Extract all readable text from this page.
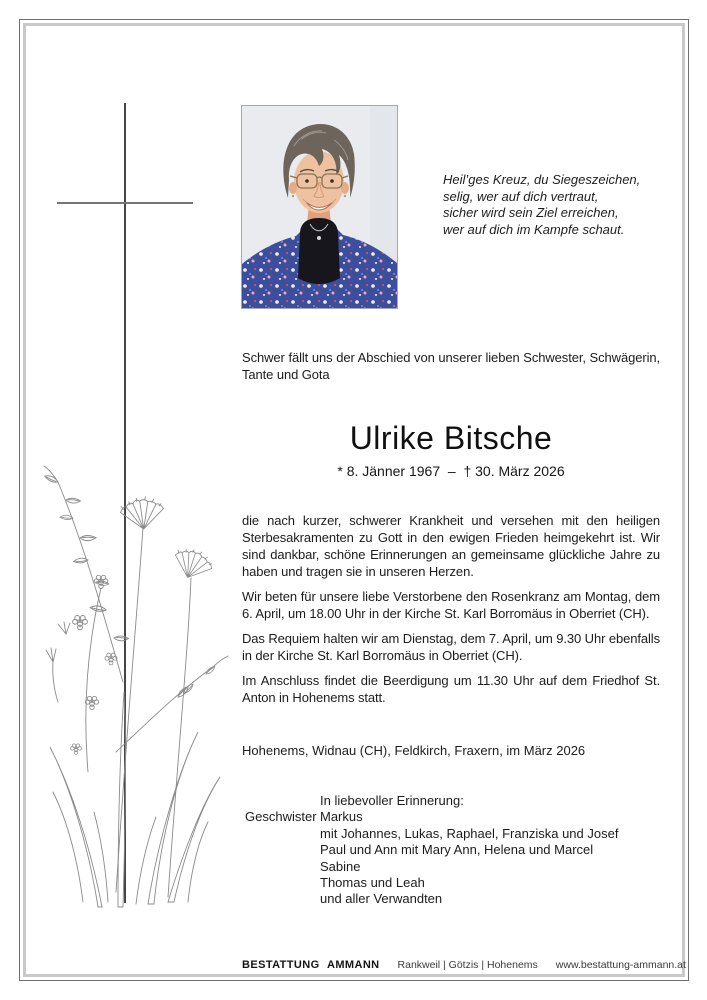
Heil’ges Kreuz, du Siegeszeichen,
selig, wer auf dich vertraut,
sicher wird sein Ziel erreichen,
wer auf dich im Kampfe schaut.
Schwer fällt uns der Abschied von unserer lieben Schwester, Schwägerin, Tante und Gota
Ulrike Bitsche
* 8. Jänner 1967  –  † 30. März 2026

die nach kurzer, schwerer Krankheit und versehen mit den heiligen Sterbesakramenten zu Gott in den ewigen Frieden heimgekehrt ist. Wir sind dankbar, schöne Erinnerungen an gemeinsame glückliche Jahre zu haben und tragen sie in unseren Herzen.

Wir beten für unsere liebe Verstorbene den Rosenkranz am Montag, dem 6. April, um 18.00 Uhr in der Kirche St. Karl Borromäus in Oberriet (CH).

Das Requiem halten wir am Dienstag, dem 7. April, um 9.30 Uhr ebenfalls in der Kirche St. Karl Borromäus in Oberriet (CH).

Im Anschluss findet die Beerdigung um 11.30 Uhr auf dem Friedhof St. Anton in Hohenems statt.

Hohenems, Widnau (CH), Feldkirch, Fraxern, im März 2026
Geschwister
In liebevoller Erinnerung:
Markus
mit Johannes, Lukas, Raphael, Franziska und Josef
Paul und Ann mit Mary Ann, Helena und Marcel
Sabine
Thomas und Leah
und aller Verwandten
BESTATTUNG AMMANN Rankweil | Götzis | Hohenems www.bestattung-ammann.at
